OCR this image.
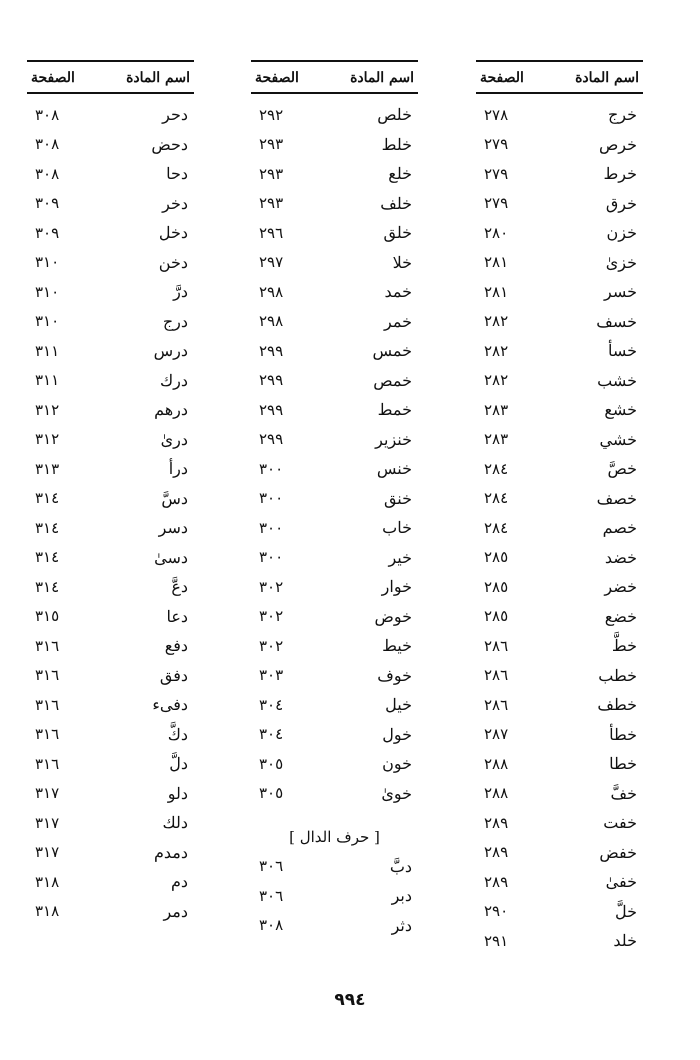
اسم المادة
الصفحة
خرج
٢٧٨
خرص
٢٧٩
خرط
٢٧٩
خرق
٢٧٩
خزن
٢٨٠
خزیٰ
٢٨١
خسر
٢٨١
خسف
٢٨٢
خسأ
٢٨٢
خشب
٢٨٢
خشع
٢٨٣
خشي
٢٨٣
خصَّ
٢٨٤
خصف
٢٨٤
خصم
٢٨٤
خضد
٢٨٥
خضر
٢٨٥
خضع
٢٨٥
خطَّ
٢٨٦
خطب
٢٨٦
خطف
٢٨٦
خطأ
٢٨٧
خطا
٢٨٨
خفَّ
٢٨٨
خفت
٢٨٩
خفض
٢٨٩
خفیٰ
٢٨٩
خلَّ
٢٩٠
خلد
٢٩١
اسم المادة
الصفحة
خلص
٢٩٢
خلط
٢٩٣
خلع
٢٩٣
خلف
٢٩٣
خلق
٢٩٦
خلا
٢٩٧
خمد
٢٩٨
خمر
٢٩٨
خمس
٢٩٩
خمص
٢٩٩
خمط
٢٩٩
خنزير
٢٩٩
خنس
٣٠٠
خنق
٣٠٠
خاب
٣٠٠
خير
٣٠٠
خوار
٣٠٢
خوض
٣٠٢
خيط
٣٠٢
خوف
٣٠٣
خيل
٣٠٤
خول
٣٠٤
خون
٣٠٥
خویٰ
٣٠٥
[ حرف الدال ]
دبَّ
٣٠٦
دبر
٣٠٦
دثر
٣٠٨
اسم المادة
الصفحة
دحر
٣٠٨
دحض
٣٠٨
دحا
٣٠٨
دخر
٣٠٩
دخل
٣٠٩
دخن
٣١٠
درَّ
٣١٠
درج
٣١٠
درس
٣١١
درك
٣١١
درهم
٣١٢
دریٰ
٣١٢
درأ
٣١٣
دسَّ
٣١٤
دسر
٣١٤
دسیٰ
٣١٤
دعَّ
٣١٤
دعا
٣١٥
دفع
٣١٦
دفق
٣١٦
دفیء
٣١٦
دكَّ
٣١٦
دلَّ
٣١٦
دلو
٣١٧
دلك
٣١٧
دمدم
٣١٧
دم
٣١٨
دمر
٣١٨
٩٩٤
